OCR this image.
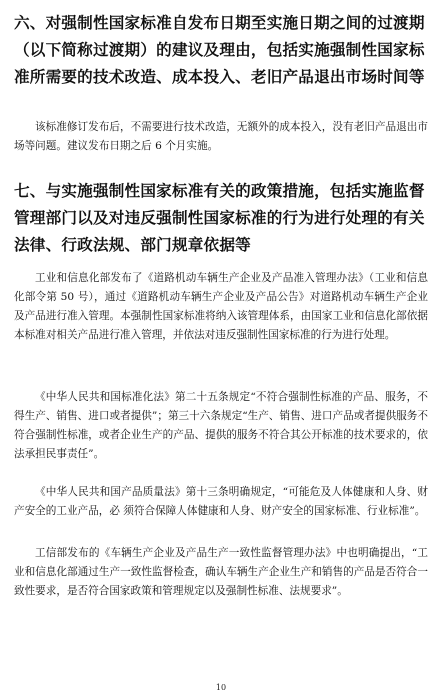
六、对强制性国家标准自发布日期至实施日期之间的过渡期（以下简称过渡期）的建议及理由，包括实施强制性国家标准所需要的技术改造、成本投入、老旧产品退出市场时间等

该标准修订发布后，不需要进行技术改造，无额外的成本投入，没有老旧产品退出市场等问题。建议发布日期之后 6 个月实施。

七、与实施强制性国家标准有关的政策措施，包括实施监督管理部门以及对违反强制性国家标准的行为进行处理的有关法律、行政法规、部门规章依据等

工业和信息化部发布了《道路机动车辆生产企业及产品准入管理办法》（工业和信息化部令第 50 号），通过《道路机动车辆生产企业及产品公告》对道路机动车辆生产企业及产品进行准入管理。本强制性国家标准将纳入该管理体系，由国家工业和信息化部依据本标准对相关产品进行准入管理，并依法对违反强制性国家标准的行为进行处理。

《中华人民共和国标准化法》第二十五条规定“不符合强制性标准的产品、服务，不得生产、销售、进口或者提供”；第三十六条规定“生产、销售、进口产品或者提供服务不符合强制性标准，或者企业生产的产品、提供的服务不符合其公开标准的技术要求的，依法承担民事责任”。

《中华人民共和国产品质量法》第十三条明确规定，“可能危及人体健康和人身、财产安全的工业产品，必 须符合保障人体健康和人身、财产安全的国家标准、行业标准”。

工信部发布的《车辆生产企业及产品生产一致性监督管理办法》中也明确提出，“工业和信息化部通过生产一致性监督检查，确认车辆生产企业生产和销售的产品是否符合一致性要求，是否符合国家政策和管理规定以及强制性标准、法规要求”。

10
